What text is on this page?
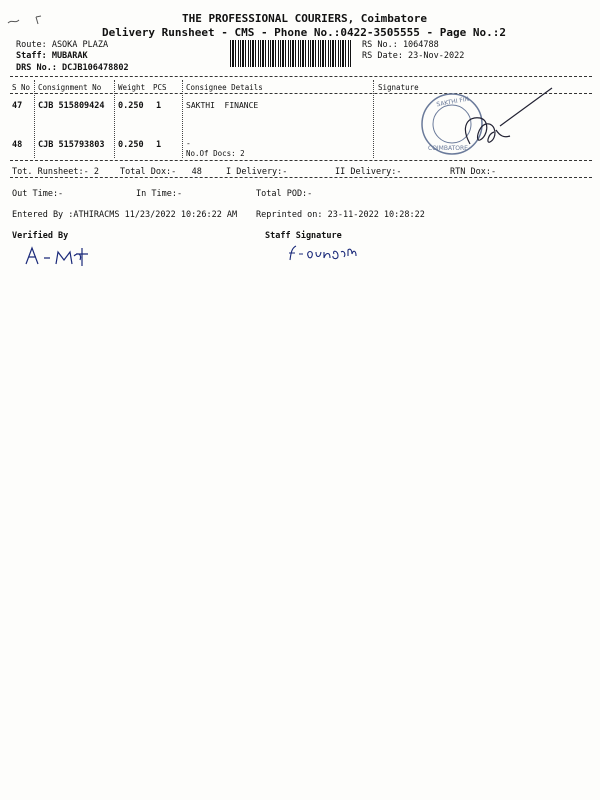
THE PROFESSIONAL COURIERS, Coimbatore
Delivery Runsheet - CMS - Phone No.:0422-3505555 - Page No.:2
Route: ASOKA PLAZA
Staff: MUBARAK
DRS No.: DCJB106478802
RS No.: 1064788
RS Date: 23-Nov-2022
S No Consignment No Weight PCS	Consignee Details	Signature
47 CJB 515809424 0.250 1	SAKTHI  FINANCE
48 CJB 515793803 0.250 1	-
No.Of Docs: 2
SAKTHI FIN
COIMBATORE
Tot. Runsheet:- 2 Total Dox:-   48	I Delivery:-	II Delivery:-	RTN Dox:-
Out Time:-	In Time:-	Total POD:-
Entered By :ATHIRACMS 11/23/2022 10:26:22 AM Reprinted on: 23-11-2022 10:28:22
Verified By	Staff Signature
